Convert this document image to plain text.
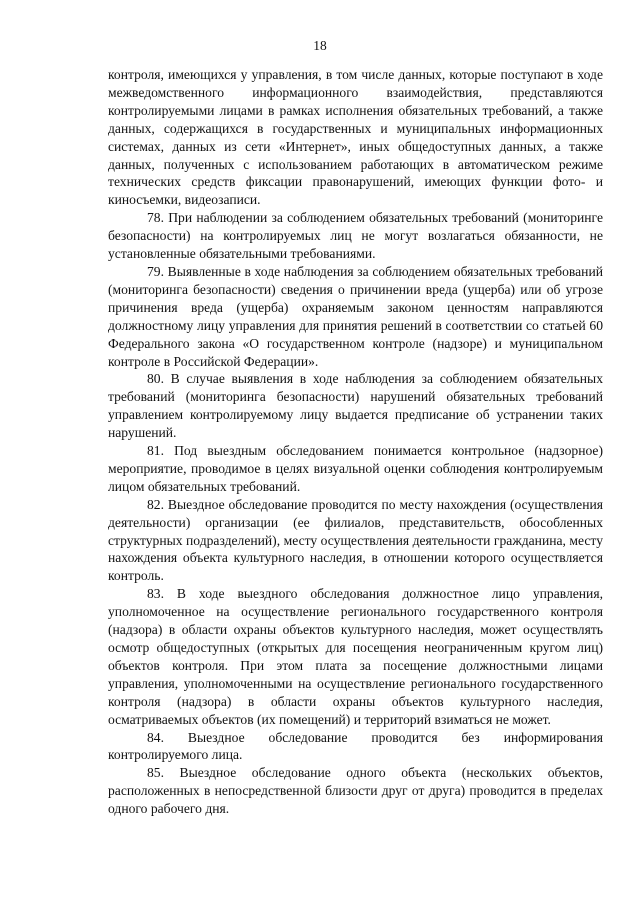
18

контроля, имеющихся у управления, в том числе данных, которые поступают в ходе межведомственного информационного взаимодействия, представляются контролируемыми лицами в рамках исполнения обязательных требований, а также данных, содержащихся в государственных и муниципальных информационных системах, данных из сети «Интернет», иных общедоступных данных, а также данных, полученных с использованием работающих в автоматическом режиме технических средств фиксации правонарушений, имеющих функции фото- и киносъемки, видеозаписи.

78. При наблюдении за соблюдением обязательных требований (мониторинге безопасности) на контролируемых лиц не могут возлагаться обязанности, не установленные обязательными требованиями.

79. Выявленные в ходе наблюдения за соблюдением обязательных требований (мониторинга безопасности) сведения о причинении вреда (ущерба) или об угрозе причинения вреда (ущерба) охраняемым законом ценностям направляются должностному лицу управления для принятия решений в соответствии со статьей 60 Федерального закона «О государственном контроле (надзоре) и муниципальном контроле в Российской Федерации».

80. В случае выявления в ходе наблюдения за соблюдением обязательных требований (мониторинга безопасности) нарушений обязательных требований управлением контролируемому лицу выдается предписание об устранении таких нарушений.

81. Под выездным обследованием понимается контрольное (надзорное) мероприятие, проводимое в целях визуальной оценки соблюдения контролируемым лицом обязательных требований.

82. Выездное обследование проводится по месту нахождения (осуществления деятельности) организации (ее филиалов, представительств, обособленных структурных подразделений), месту осуществления деятельности гражданина, месту нахождения объекта культурного наследия, в отношении которого осуществляется контроль.

83. В ходе выездного обследования должностное лицо управления, уполномоченное на осуществление регионального государственного контроля (надзора) в области охраны объектов культурного наследия, может осуществлять осмотр общедоступных (открытых для посещения неограниченным кругом лиц) объектов контроля. При этом плата за посещение должностными лицами управления, уполномоченными на осуществление регионального государственного контроля (надзора) в области охраны объектов культурного наследия, осматриваемых объектов (их помещений) и территорий взиматься не может.

84. Выездное обследование проводится без информирования контролируемого лица.

85. Выездное обследование одного объекта (нескольких объектов, расположенных в непосредственной близости друг от друга) проводится в пределах одного рабочего дня.
